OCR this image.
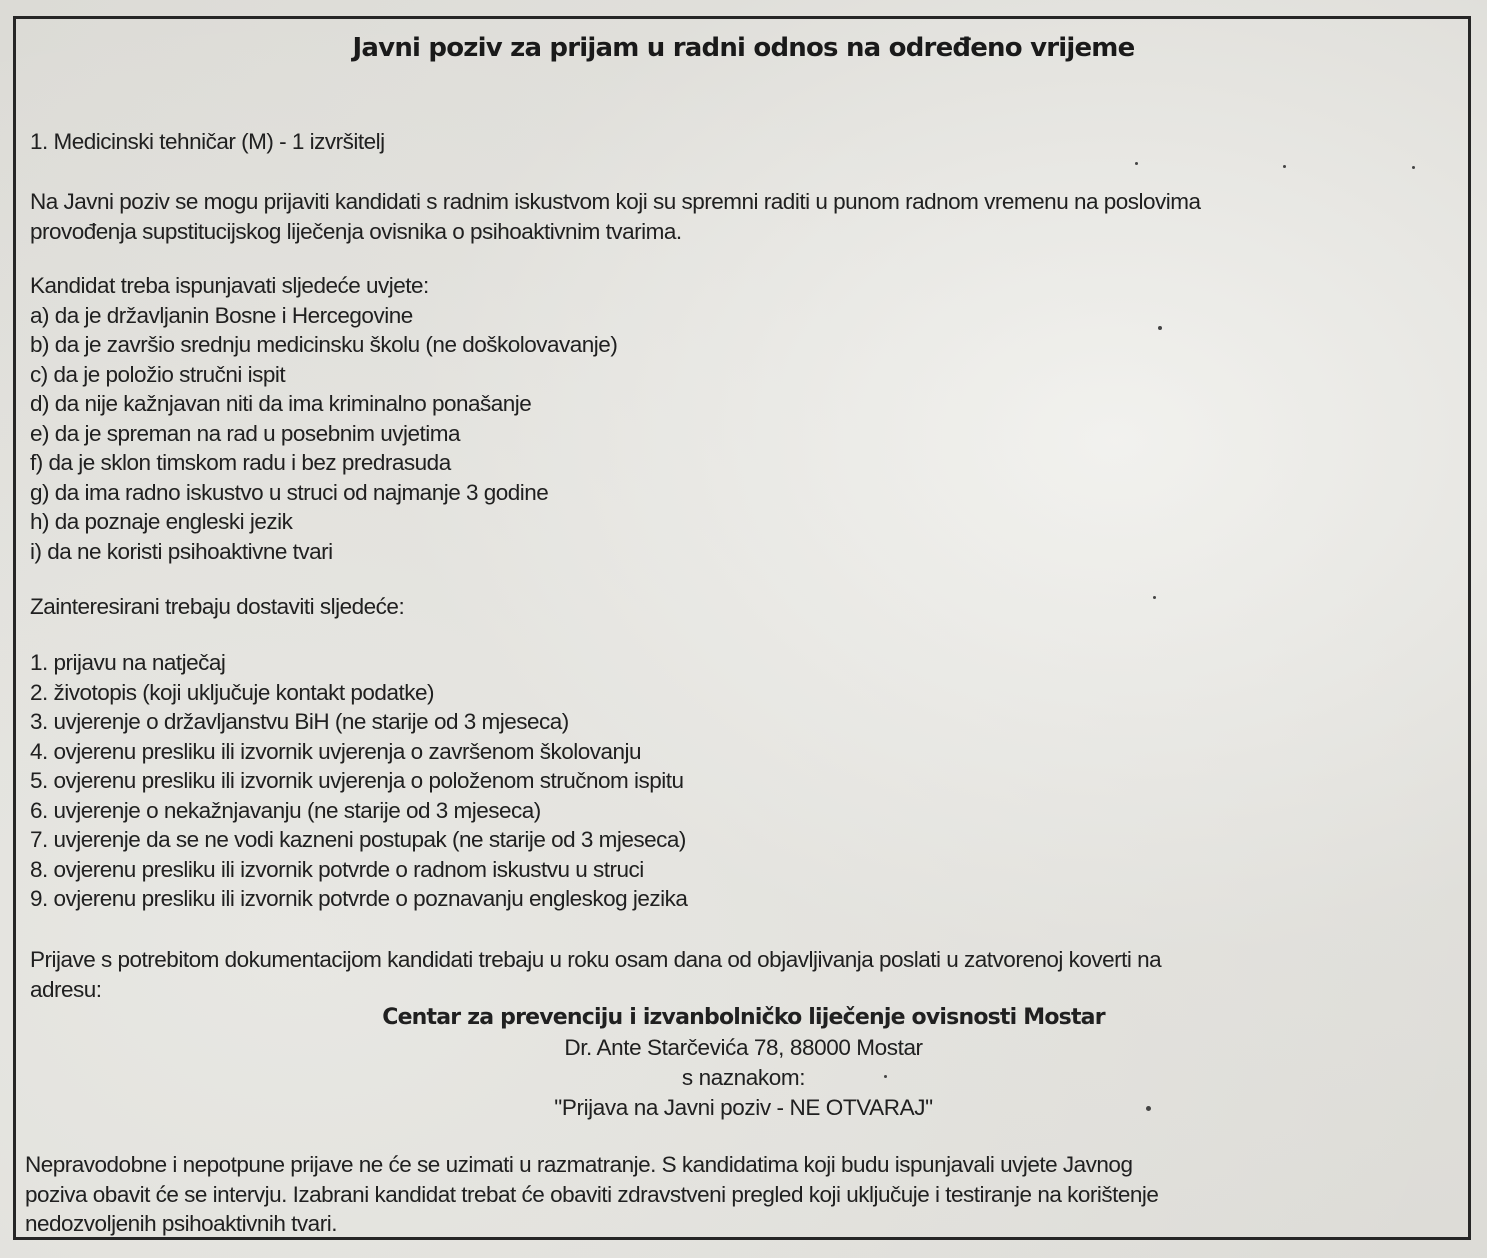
Javni poziv za prijam u radni odnos na određeno vrijeme
1. Medicinski tehničar (M) - 1 izvršitelj
Na Javni poziv se mogu prijaviti kandidati s radnim iskustvom koji su spremni raditi u punom radnom vremenu na poslovima
provođenja supstitucijskog liječenja ovisnika o psihoaktivnim tvarima.
Kandidat treba ispunjavati sljedeće uvjete:
a) da je državljanin Bosne i Hercegovine
b) da je završio srednju medicinsku školu (ne doškolovavanje)
c) da je položio stručni ispit
d) da nije kažnjavan niti da ima kriminalno ponašanje
e) da je spreman na rad u posebnim uvjetima
f) da je sklon timskom radu i bez predrasuda
g) da ima radno iskustvo u struci od najmanje 3 godine
h) da poznaje engleski jezik
i) da ne koristi psihoaktivne tvari
Zainteresirani trebaju dostaviti sljedeće:
1. prijavu na natječaj
2. životopis (koji uključuje kontakt podatke)
3. uvjerenje o državljanstvu BiH (ne starije od 3 mjeseca)
4. ovjerenu presliku ili izvornik uvjerenja o završenom školovanju
5. ovjerenu presliku ili izvornik uvjerenja o položenom stručnom ispitu
6. uvjerenje o nekažnjavanju (ne starije od 3 mjeseca)
7. uvjerenje da se ne vodi kazneni postupak (ne starije od 3 mjeseca)
8. ovjerenu presliku ili izvornik potvrde o radnom iskustvu u struci
9. ovjerenu presliku ili izvornik potvrde o poznavanju engleskog jezika
Prijave s potrebitom dokumentacijom kandidati trebaju u roku osam dana od objavljivanja poslati u zatvorenoj koverti na
adresu:
Centar za prevenciju i izvanbolničko liječenje ovisnosti Mostar
Dr. Ante Starčevića 78, 88000 Mostar
s naznakom:
"Prijava na Javni poziv - NE OTVARAJ"
Nepravodobne i nepotpune prijave ne će se uzimati u razmatranje. S kandidatima koji budu ispunjavali uvjete Javnog
poziva obavit će se intervju. Izabrani kandidat trebat će obaviti zdravstveni pregled koji uključuje i testiranje na korištenje
nedozvoljenih psihoaktivnih tvari.
